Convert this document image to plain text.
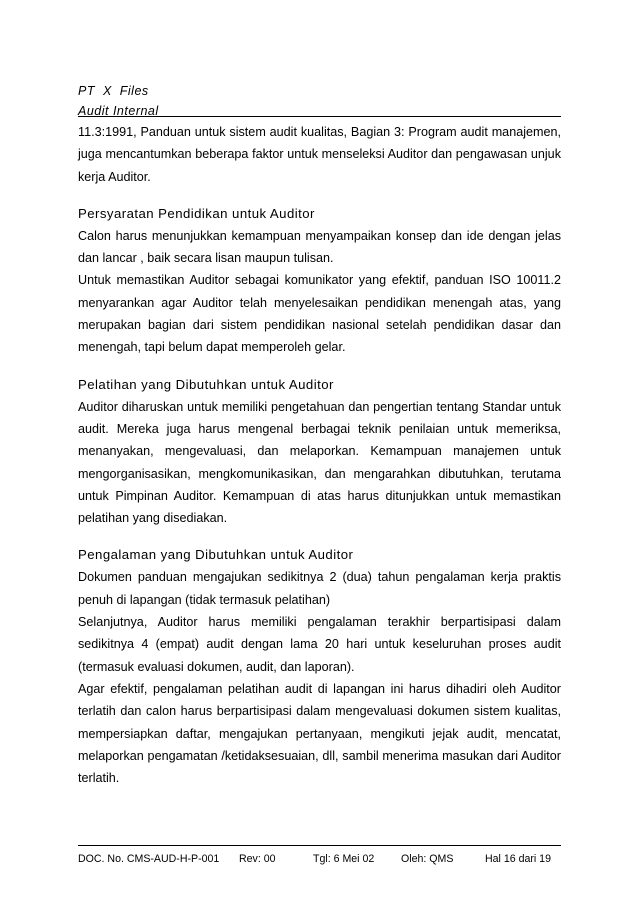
PT X Files
Audit Internal

11.3:1991, Panduan untuk sistem audit kualitas, Bagian 3: Program audit manajemen, juga mencantumkan beberapa faktor untuk menseleksi Auditor dan pengawasan unjuk kerja Auditor.

Persyaratan Pendidikan untuk Auditor

Calon harus menunjukkan kemampuan menyampaikan konsep dan ide dengan jelas dan lancar , baik secara lisan maupun tulisan.

Untuk memastikan Auditor sebagai komunikator yang efektif, panduan ISO 10011.2 menyarankan agar Auditor telah menyelesaikan pendidikan menengah atas, yang merupakan bagian dari sistem pendidikan nasional setelah pendidikan dasar dan menengah, tapi belum dapat memperoleh gelar.

Pelatihan yang Dibutuhkan untuk Auditor

Auditor diharuskan untuk memiliki pengetahuan dan pengertian tentang Standar untuk audit. Mereka juga harus mengenal berbagai teknik penilaian untuk memeriksa, menanyakan, mengevaluasi, dan melaporkan. Kemampuan manajemen untuk mengorganisasikan, mengkomunikasikan, dan mengarahkan dibutuhkan, terutama untuk Pimpinan Auditor. Kemampuan di atas harus ditunjukkan untuk memastikan pelatihan yang disediakan.

Pengalaman yang Dibutuhkan untuk Auditor

Dokumen panduan mengajukan sedikitnya 2 (dua) tahun pengalaman kerja praktis penuh di lapangan (tidak termasuk pelatihan)

Selanjutnya, Auditor harus memiliki pengalaman terakhir berpartisipasi dalam sedikitnya 4 (empat) audit dengan lama 20 hari untuk keseluruhan proses audit (termasuk evaluasi dokumen, audit, dan laporan).

Agar efektif, pengalaman pelatihan audit di lapangan ini harus dihadiri oleh Auditor terlatih dan calon harus berpartisipasi dalam mengevaluasi dokumen sistem kualitas, mempersiapkan daftar, mengajukan pertanyaan, mengikuti jejak audit, mencatat, melaporkan pengamatan /ketidaksesuaian, dll, sambil menerima masukan dari Auditor terlatih.

DOC. No. CMS-AUD-H-P-001 Rev: 00	Tgl: 6 Mei 02	Oleh: QMS	Hal 16 dari 19
